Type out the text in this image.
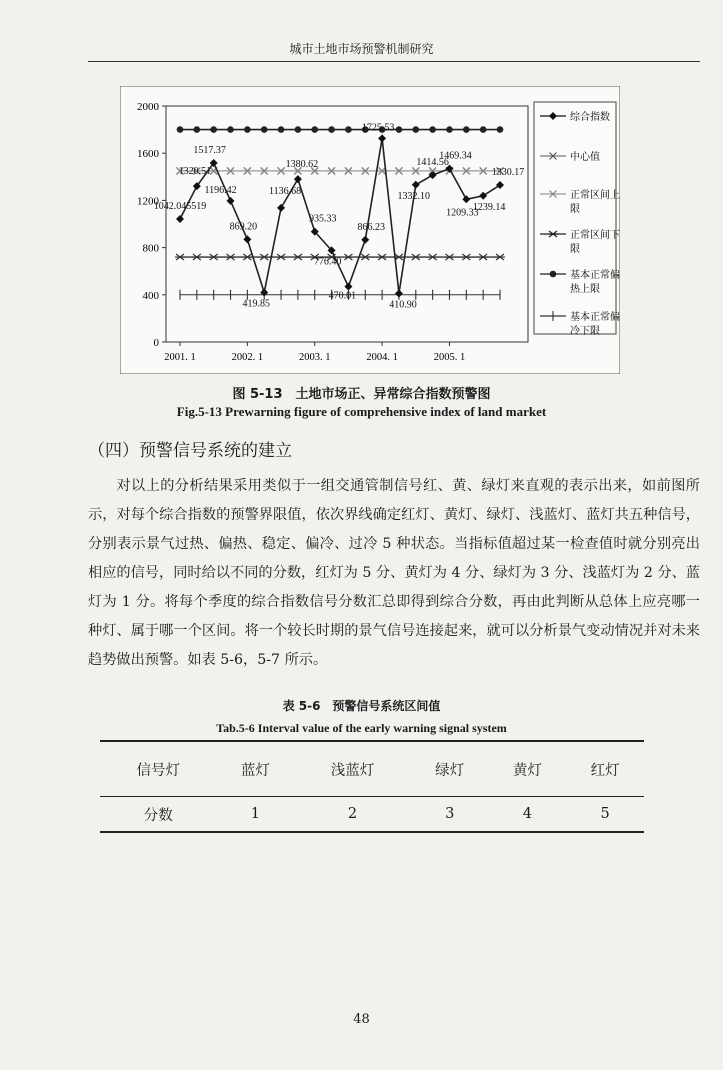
城市土地市场预警机制研究
0
400
800
1200
1600
2000
2001. 1	2002. 1	2003. 1	2004. 1	2005. 1
1042.045519
1320.51
1517.37
1196.42
869.20
419.85
1136.68
1380.62
935.33
776.40
470.01
866.23
1725.53
410.90
1332.10
1414.56
1469.34
1209.33
1239.14
1330.17
综合指数
中心值
正常区间上
限
正常区间下
限
基本正常偏
热上限
基本正常偏
冷下限
图 5-13　土地市场正、异常综合指数预警图
Fig.5-13 Prewarning figure of comprehensive index of land market
（四）预警信号系统的建立

对以上的分析结果采用类似于一组交通管制信号红、黄、绿灯来直观的表示出来，如前图所示，对每个综合指数的预警界限值，依次界线确定红灯、黄灯、绿灯、浅蓝灯、蓝灯共五种信号，分别表示景气过热、偏热、稳定、偏冷、过冷 5 种状态。当指标值超过某一检查值时就分别亮出相应的信号，同时给以不同的分数，红灯为 5 分、黄灯为 4 分、绿灯为 3 分、浅蓝灯为 2 分、蓝灯为 1 分。将每个季度的综合指数信号分数汇总即得到综合分数，再由此判断从总体上应亮哪一种灯、属于哪一个区间。将一个较长时期的景气信号连接起来，就可以分析景气变动情况并对未来趋势做出预警。如表 5-6，5-7 所示。

表 5-6　预警信号系统区间值
Tab.5-6 Interval value of the early warning signal system
信号灯	蓝灯	浅蓝灯	绿灯	黄灯	红灯
分数	1	2	3	4	5
48
